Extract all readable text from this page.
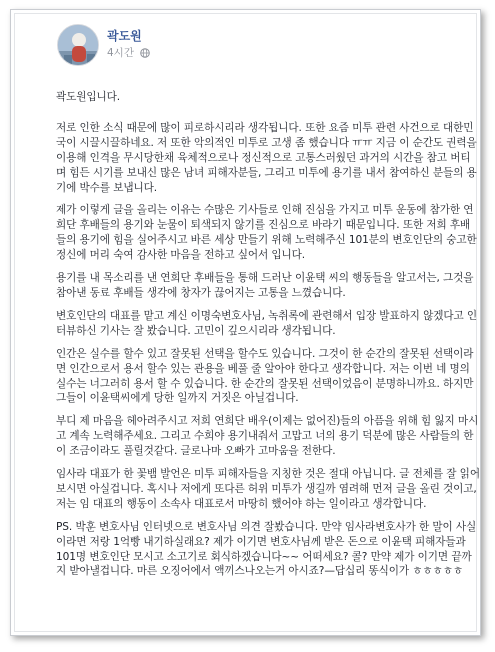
곽도원
4시간

곽도원입니다.

저로 인한 소식 때문에 많이 피로하시리라 생각됩니다. 또한 요즘 미투 관련 사건으로 대한민국이 시끌시끌하네요. 저 또한 악의적인 미투로 고생 좀 했습니다 ㅠㅠ 지금 이 순간도 권력을 이용해 인격을 무시당한채 육체적으로나 정신적으로 고통스러웠던 과거의 시간을 참고 버티며 힘든 시기를 보내신 많은 남녀 피해자분들, 그리고 미투에 용기를 내서 참여하신 분들의 용기에 박수를 보냅니다.

제가 이렇게 글을 올리는 이유는 수많은 기사들로 인해 진심을 가지고 미투 운동에 참가한 연희단 후배들의 용기와 눈물이 퇴색되지 않기를 진심으로 바라기 때문입니다. 또한 저희 후배들의 용기에 힘을 실어주시고 바른 세상 만들기 위해 노력해주신 101분의 변호인단의 숭고한 정신에 머리 숙여 감사한 마음을 전하고 싶어서 입니다.

용기를 내 목소리를 낸 연희단 후배들을 통해 드러난 이윤택 씨의 행동들을 알고서는, 그것을 참아낸 동료 후배들 생각에 창자가 끊어지는 고통을 느꼈습니다.

변호인단의 대표를 맡고 계신 이명숙변호사님, 녹취록에 관련해서 입장 발표하지 않겠다고 인터뷰하신 기사는 잘 봤습니다. 고민이 깊으시리라 생각됩니다.

인간은 실수를 할수 있고 잘못된 선택을 할수도 있습니다. 그것이 한 순간의 잘못된 선택이라면 인간으로서 용서 할수 있는 관용을 베풀 줄 알아야 한다고 생각합니다. 저는 이번 네 명의 실수는 너그러히 용서 할 수 있습니다. 한 순간의 잘못된 선택이었음이 분명하니까요. 하지만 그들이 이윤택씨에게 당한 일까지 거짓은 아닐겁니다.

부디 제 마음을 헤아려주시고 저희 연희단 배우(이제는 없어진)들의 아픔을 위해 힘 잃지 마시고 계속 노력해주세요. 그리고 수희야 용기내줘서 고맙고 너의 용기 덕분에 많은 사람들의 한이 조금이라도 풀릴것같다. 글로나마 오빠가 고마움을 전한다.

임사라 대표가 한 꽃뱀 발언은 미투 피해자들을 지칭한 것은 절대 아닙니다. 글 전체를 잘 읽어보시면 아실겁니다. 혹시나 저에게 또다른 허위 미투가 생길까 염려해 먼저 글을 올린 것이고, 저는 임 대표의 행동이 소속사 대표로서 마땅히 했어야 하는 일이라고 생각합니다.

PS. 박훈 변호사님 인터넷으로 변호사님 의견 잘봤습니다. 만약 임사라변호사가 한 말이 사실이라면 저랑 1억빵 내기하실래요? 제가 이기면 변호사님께 받은 돈으로 이윤택 피해자들과 101명 변호인단 모시고 소고기로 회식하겠습니다~~ 어떠세요? 콜? 만약 제가 이기면 끝까지 받아낼겁니다. 마른 오징어에서 액끼스나오는거 아시죠?—답십리 똥식이가 ㅎㅎㅎㅎㅎ
